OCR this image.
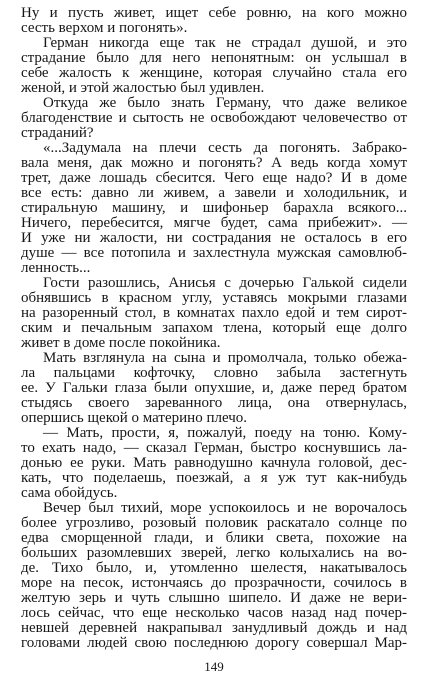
Ну и пусть живет, ищет себе ровню, на кого можно
сесть верхом и погонять».
Герман никогда еще так не страдал душой, и это
страдание было для него непонятным: он услышал в
себе жалость к женщине, которая случайно стала его
женой, и этой жалостью был удивлен.
Откуда же было знать Герману, что даже великое
благоденствие и сытость не освобождают человечество от
страданий?
«...Задумала на плечи сесть да погонять. Забрако-
вала меня, дак можно и погонять? А ведь когда хомут
трет, даже лошадь сбесится. Чего еще надо? И в доме
все есть: давно ли живем, а завели и холодильник, и
стиральную машину, и шифоньер барахла всякого...
Ничего, перебесится, мягче будет, сама прибежит». —
И уже ни жалости, ни сострадания не осталось в его
душе — все потопила и захлестнула мужская самовлюб-
ленность...
Гости разошлись, Анисья с дочерью Галькой сидели
обнявшись в красном углу, уставясь мокрыми глазами
на разоренный стол, в комнатах пахло едой и тем сирот-
ским и печальным запахом тлена, который еще долго
живет в доме после покойника.
Мать взглянула на сына и промолчала, только обежа-
ла пальцами кофточку, словно забыла застегнуть
ее. У Гальки глаза были опухшие, и, даже перед братом
стыдясь своего зареванного лица, она отвернулась,
опершись щекой о материно плечо.
— Мать, прости, я, пожалуй, поеду на тоню. Кому-
то ехать надо, — сказал Герман, быстро коснувшись ла-
донью ее руки. Мать равнодушно качнула головой, дес-
кать, что поделаешь, поезжай, а я уж тут как-нибудь
сама обойдусь.
Вечер был тихий, море успокоилось и не ворочалось
более угрозливо, розовый половик раскатало солнце по
едва сморщенной глади, и блики света, похожие на
больших разомлевших зверей, легко колыхались на во-
де. Тихо было, и, утомленно шелестя, накатывалось
море на песок, истончаясь до прозрачности, сочилось в
желтую зерь и чуть слышно шипело. И даже не вери-
лось сейчас, что еще несколько часов назад над почер-
невшей деревней накрапывал занудливый дождь и над
головами людей свою последнюю дорогу совершал Мар-
149
